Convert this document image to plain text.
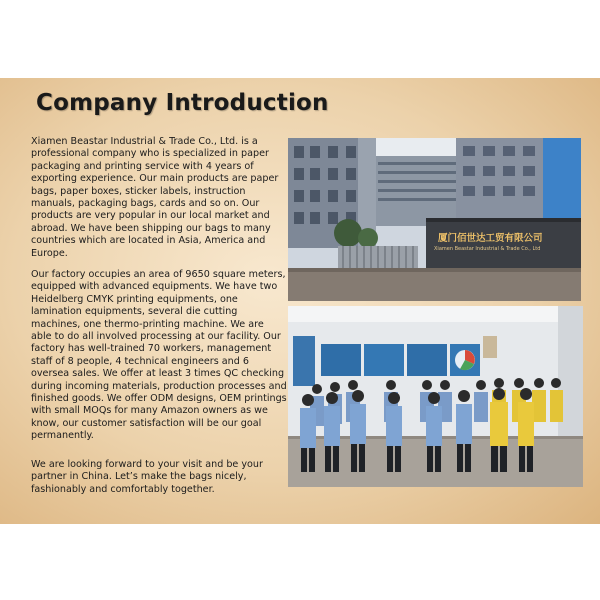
Company Introduction

Xiamen Beastar Industrial & Trade Co., Ltd. is a professional company who is specialized in paper packaging and printing service with 4 years of exporting experience. Our main products are paper bags, paper boxes, sticker labels, instruction manuals, packaging bags, cards and so on. Our products are very popular in our local market and abroad. We have been shipping our bags to many countries which are located in Asia, America and Europe.

Our factory occupies an area of 9650 square meters, equipped with advanced equipments. We have two Heidelberg CMYK printing equipments, one lamination equipments, several die cutting machines, one thermo-printing machine. We are able to do all involved processing at our facility. Our factory has well-trained 70 workers, management staff of 8 people, 4 technical engineers and 6 oversea sales. We offer at least 3 times QC checking during incoming materials, production processes and finished goods. We offer ODM designs, OEM printings with small MOQs for many Amazon owners as we know, our customer satisfaction will be our goal permanently.

We are looking forward to your visit and be your partner in China. Let’s make the bags nicely, fashionably and comfortably together.

厦门佰世达工贸有限公司
Xiamen Beastar Industrial & Trade Co., Ltd
